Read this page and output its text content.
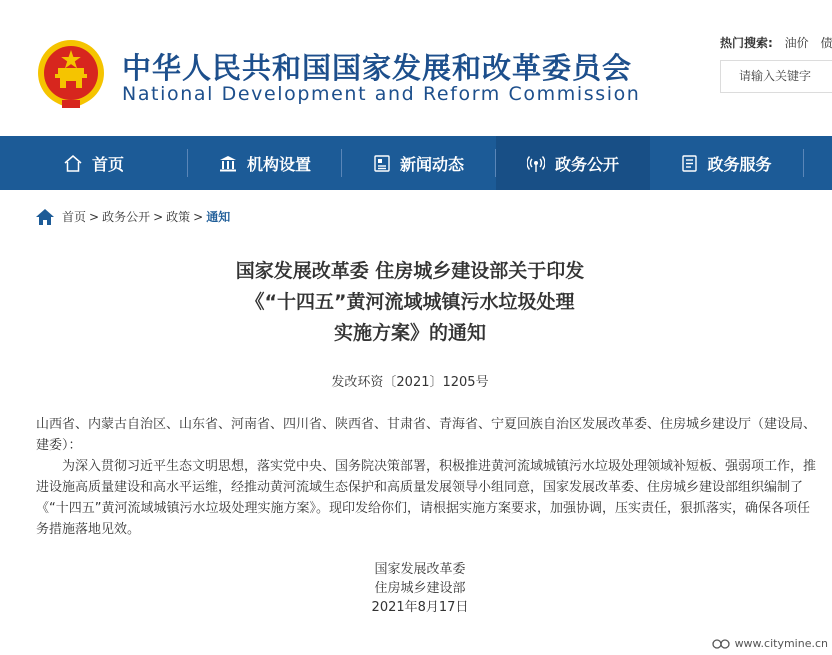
中华人民共和国国家发展和改革委员会
National Development and Reform Commission
热门搜索: 油价 债
请输入关键字
首页	机构设置	新闻动态	政务公开	政务服务
首页 > 政务公开 > 政策 > 通知
国家发展改革委 住房城乡建设部关于印发
《“十四五”黄河流域城镇污水垃圾处理
实施方案》的通知
发改环资〔2021〕1205号

山西省、内蒙古自治区、山东省、河南省、四川省、陕西省、甘肃省、青海省、宁夏回族自治区发展改革委、住房城乡建设厅（建设局、建委）：

为深入贯彻习近平生态文明思想，落实党中央、国务院决策部署，积极推进黄河流域城镇污水垃圾处理领域补短板、强弱项工作，推进设施高质量建设和高水平运维，经推动黄河流域生态保护和高质量发展领导小组同意，国家发展改革委、住房城乡建设部组织编制了《“十四五”黄河流域城镇污水垃圾处理实施方案》。现印发给你们，请根据实施方案要求，加强协调，压实责任，狠抓落实，确保各项任务措施落地见效。

国家发展改革委
住房城乡建设部
2021年8月17日
www.citymine.cn
